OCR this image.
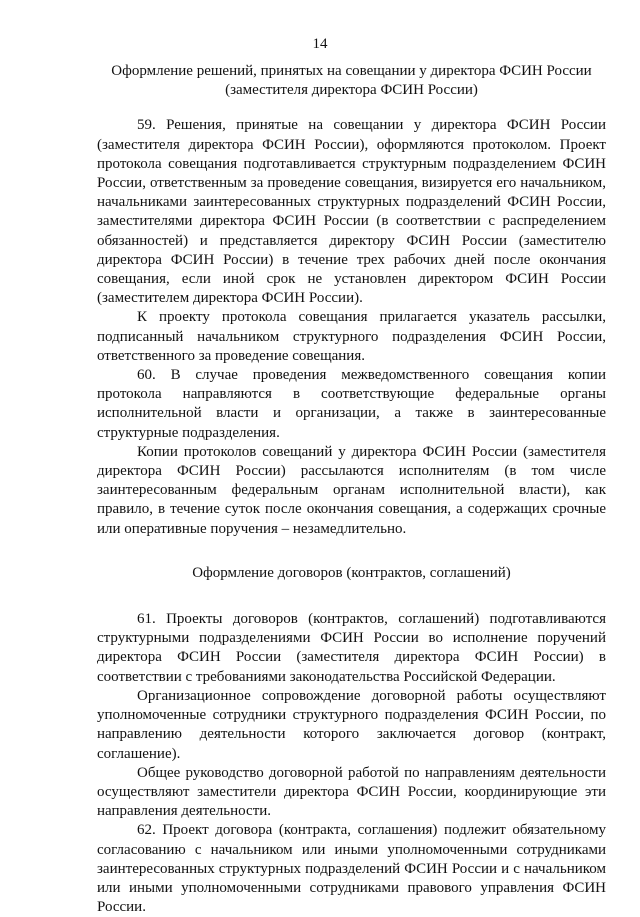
14
Оформление решений, принятых на совещании у директора ФСИН России
(заместителя директора ФСИН России)

59. Решения, принятые на совещании у директора ФСИН России (заместителя директора ФСИН России), оформляются протоколом. Проект протокола совещания подготавливается структурным подразделением ФСИН России, ответственным за проведение совещания, визируется его начальником, начальниками заинтересованных структурных подразделений ФСИН России, заместителями директора ФСИН России (в соответствии с распределением обязанностей) и представляется директору ФСИН России (заместителю директора ФСИН России) в течение трех рабочих дней после окончания совещания, если иной срок не установлен директором ФСИН России (заместителем директора ФСИН России).

К проекту протокола совещания прилагается указатель рассылки, подписанный начальником структурного подразделения ФСИН России, ответственного за проведение совещания.

60. В случае проведения межведомственного совещания копии протокола направляются в соответствующие федеральные органы исполнительной власти и организации, а также в заинтересованные структурные подразделения.

Копии протоколов совещаний у директора ФСИН России (заместителя директора ФСИН России) рассылаются исполнителям (в том числе заинтересованным федеральным органам исполнительной власти), как правило, в течение суток после окончания совещания, а содержащих срочные или оперативные поручения – незамедлительно.

Оформление договоров (контрактов, соглашений)

61. Проекты договоров (контрактов, соглашений) подготавливаются структурными подразделениями ФСИН России во исполнение поручений директора ФСИН России (заместителя директора ФСИН России) в соответствии с требованиями законодательства Российской Федерации.

Организационное сопровождение договорной работы осуществляют уполномоченные сотрудники структурного подразделения ФСИН России, по направлению деятельности которого заключается договор (контракт, соглашение).

Общее руководство договорной работой по направлениям деятельности осуществляют заместители директора ФСИН России, координирующие эти направления деятельности.

62. Проект договора (контракта, соглашения) подлежит обязательному согласованию с начальником или иными уполномоченными сотрудниками заинтересованных структурных подразделений ФСИН России и с начальником или иными уполномоченными сотрудниками правового управления ФСИН России.
